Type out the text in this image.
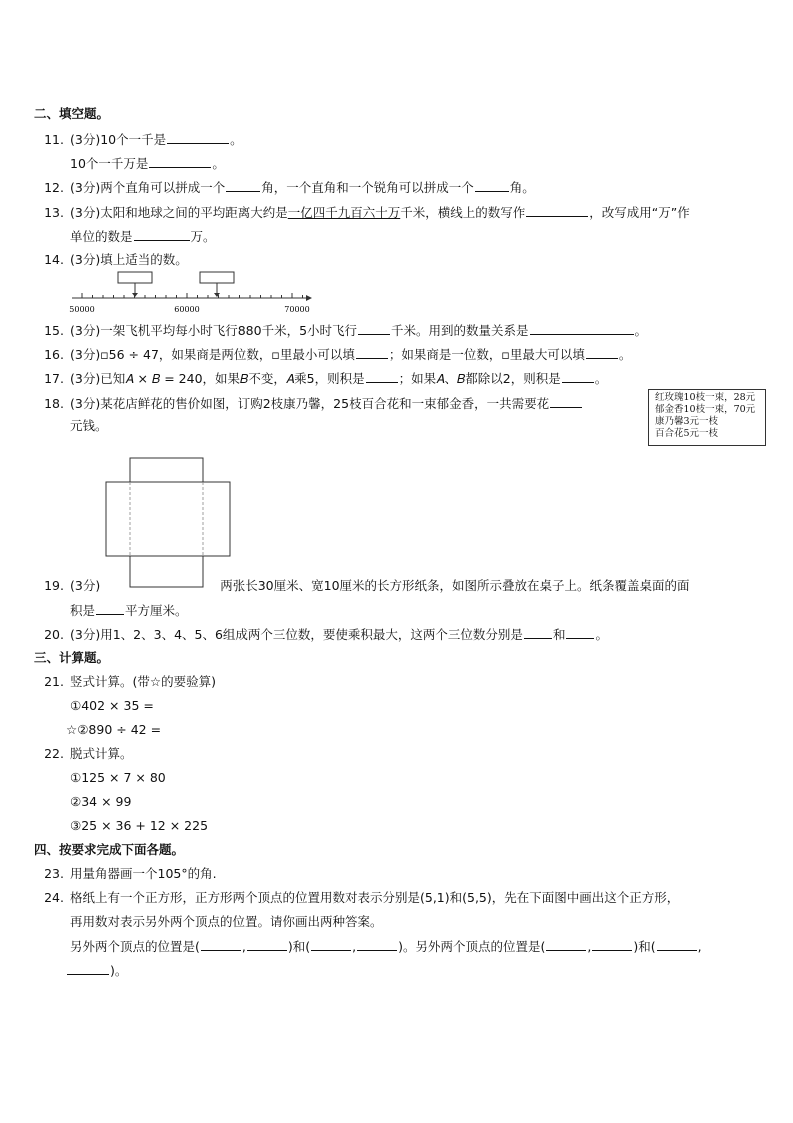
二、填空题。
11. (3分)10个一千是	。
10个一千万是	。
12. (3分)两个直角可以拼成一个	角，一个直角和一个锐角可以拼成一个	角。
13. (3分)太阳和地球之间的平均距离大约是一亿四千九百六十万千米，横线上的数写作	，改写成用“万”作
单位的数是	万。
14. (3分)填上适当的数。
50000	60000	70000
15. (3分)一架飞机平均每小时飞行880千米，5小时飞行	千米。用到的数量关系是	。
16. (3分)▫56 ÷ 47，如果商是两位数，▫里最小可以填	；如果商是一位数，▫里最大可以填	。
17. (3分)已知𝐴 × 𝐵 = 240，如果𝐵不变，𝐴乘5，则积是	；如果𝐴、𝐵都除以2，则积是	。
18. (3分)某花店鲜花的售价如图，订购2枝康乃馨，25枝百合花和一束郁金香，一共需要花
元钱。
红玫瑰10枝一束，28元
郁金香10枝一束，70元
康乃馨3元一枝
百合花5元一枝
19. (3分)	两张长30厘米、宽10厘米的长方形纸条，如图所示叠放在桌子上。纸条覆盖桌面的面
积是 平方厘米。
20. (3分)用1、2、3、4、5、6组成两个三位数，要使乘积最大，这两个三位数分别是 和 。
三、计算题。
21. 竖式计算。(带☆的要验算)
①402 × 35 =
☆②890 ÷ 42 =
22. 脱式计算。
①125 × 7 × 80
②34 × 99
③25 × 36 + 12 × 225
四、按要求完成下面各题。
23. 用量角器画一个105°的角.
24. 格纸上有一个正方形，正方形两个顶点的位置用数对表示分别是(5,1)和(5,5)，先在下面图中画出这个正方形，
再用数对表示另外两个顶点的位置。请你画出两种答案。
另外两个顶点的位置是(	,	)和(	,	)。另外两个顶点的位置是(	,	)和(	,
)。
